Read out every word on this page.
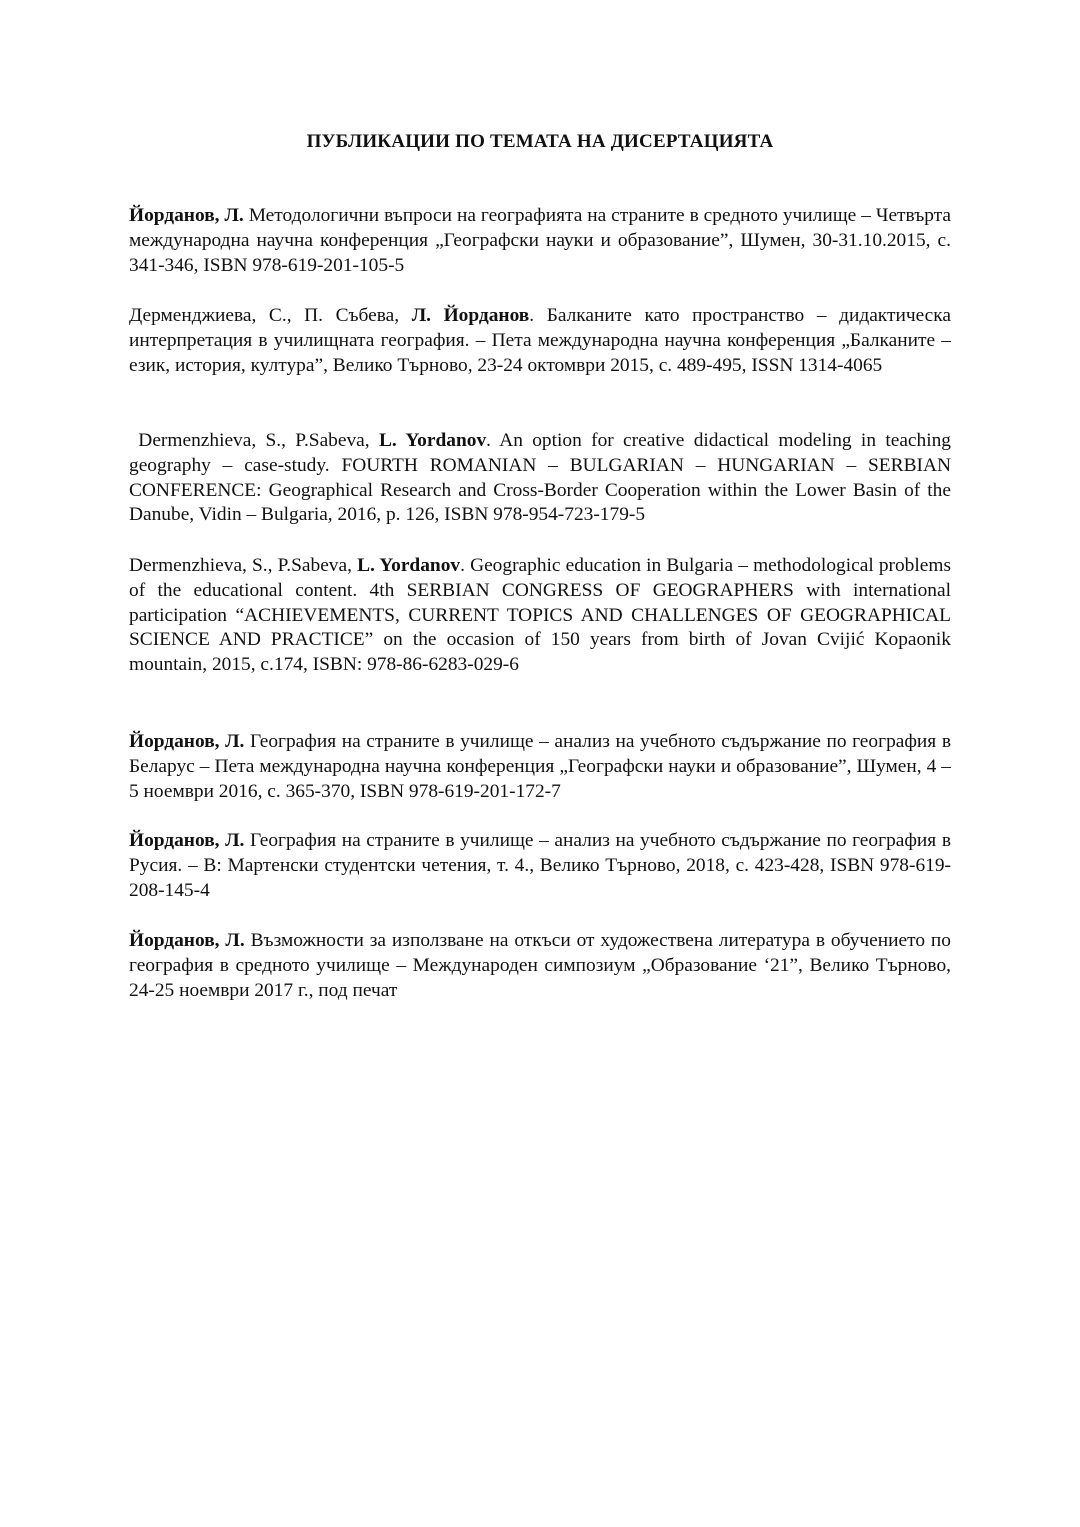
ПУБЛИКАЦИИ ПО ТЕМАТА НА ДИСЕРТАЦИЯТА

Йорданов, Л. Методологични въпроси на географията на страните в средното училище – Четвърта международна научна конференция „Географски науки и образование”, Шумен, 30-31.10.2015, с. 341-346, ISBN 978-619-201-105-5

Дерменджиева, С., П. Събева, Л. Йорданов. Балканите като пространство – дидактическа интерпретация в училищната география. – Пета международна научна конференция „Балканите – език, история, култура”, Велико Търново, 23-24 октомври 2015, с. 489-495, ISSN 1314-4065

Dermenzhieva, S., P.Sabeva, L. Yordanov. An option for creative didactical modeling in teaching geography – case-study. FOURTH ROMANIAN – BULGARIAN – HUNGARIAN – SERBIAN CONFERENCE: Geographical Research and Cross-Border Cooperation within the Lower Basin of the Danube, Vidin – Bulgaria, 2016, p. 126, ISBN 978-954-723-179-5

Dermenzhieva, S., P.Sabeva, L. Yordanov. Geographic education in Bulgaria – methodological problems of the educational content. 4th SERBIAN CONGRESS OF GEOGRAPHERS with international participation “ACHIEVEMENTS, CURRENT TOPICS AND CHALLENGES OF GEOGRAPHICAL SCIENCE AND PRACTICE” on the occasion of 150 years from birth of Jovan Cvijić Kopaonik mountain, 2015, c.174, ISBN: 978-86-6283-029-6

Йорданов, Л. География на страните в училище – анализ на учебното съдържание по география в Беларус – Пета международна научна конференция „Географски науки и образование”, Шумен, 4 – 5 ноември 2016, с. 365-370, ISBN 978-619-201-172-7

Йорданов, Л. География на страните в училище – анализ на учебното съдържание по география в Русия. – В: Мартенски студентски четения, т. 4., Велико Търново, 2018, с. 423-428, ISBN 978-619-208-145-4

Йорданов, Л. Възможности за използване на откъси от художествена литература в обучението по география в средното училище – Международен симпозиум „Образование ‘21”, Велико Търново, 24-25 ноември 2017 г., под печат
